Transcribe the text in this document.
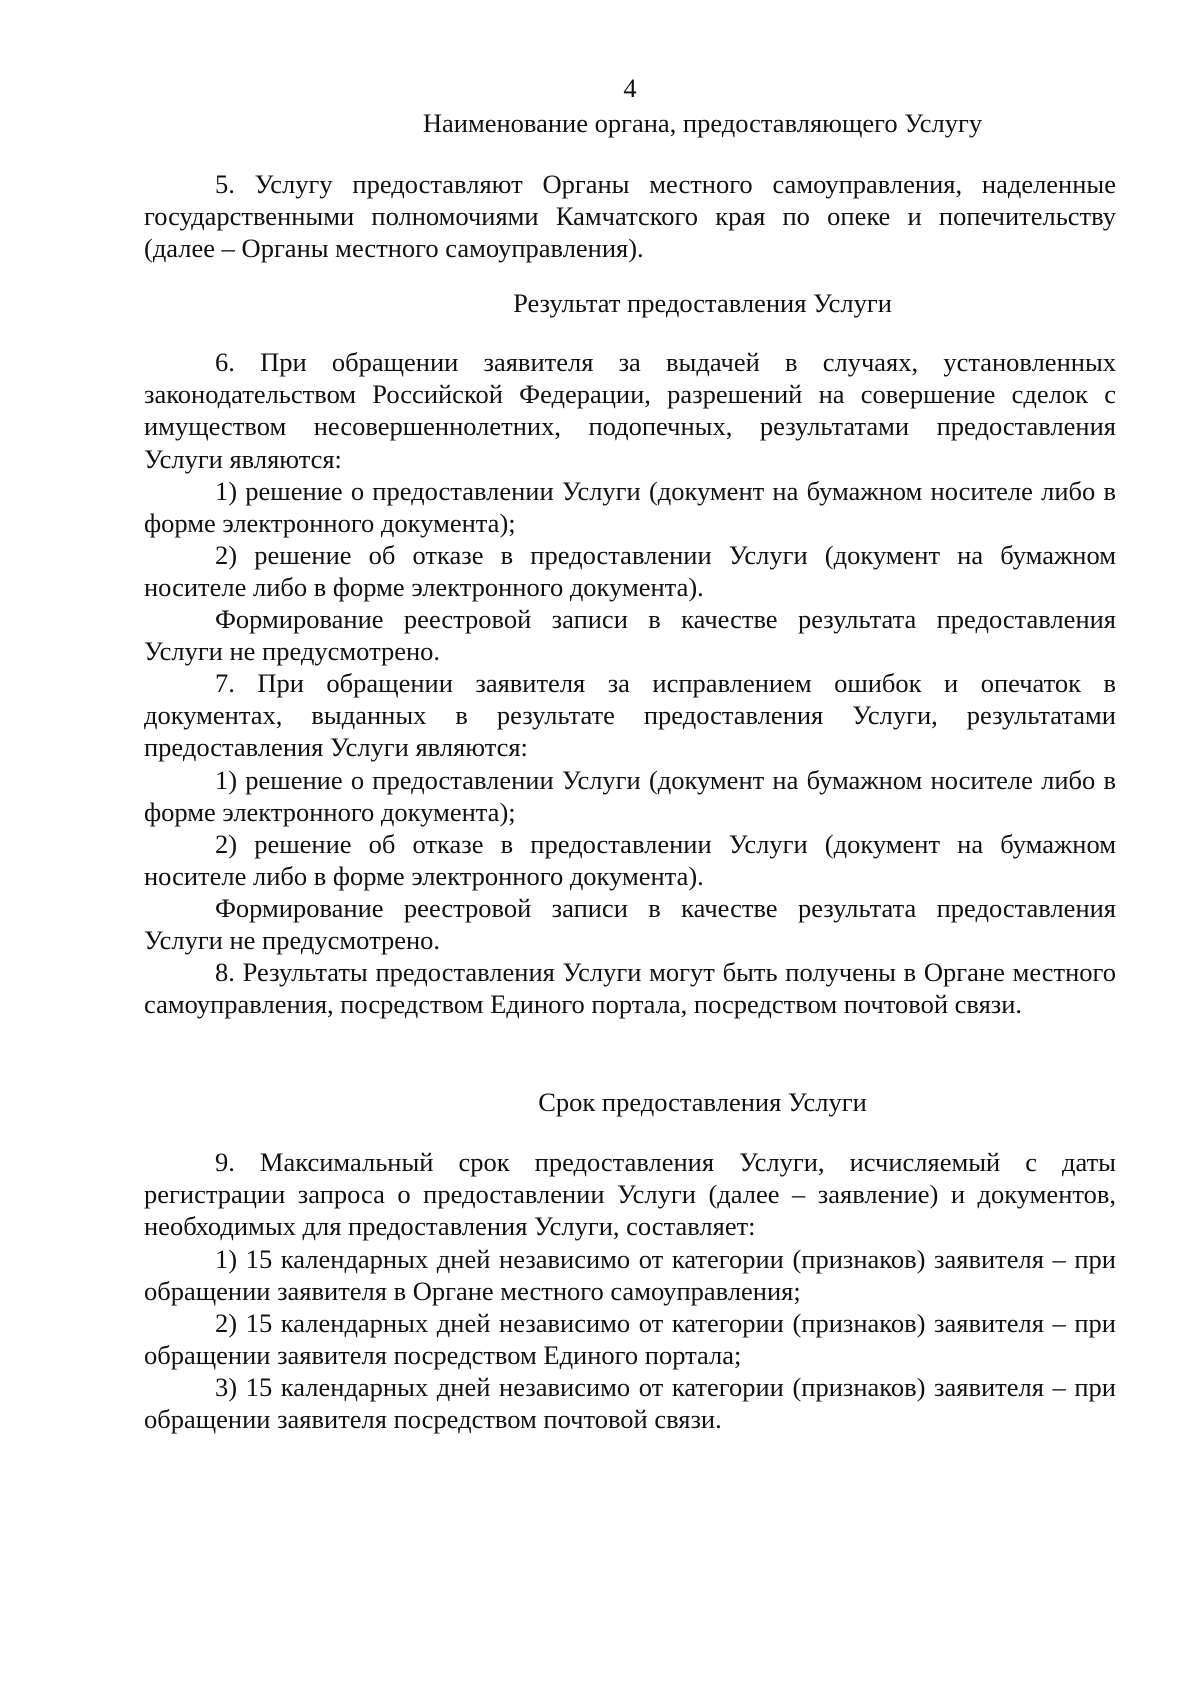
4
Наименование органа, предоставляющего Услугу
5. Услугу предоставляют Органы местного самоуправления, наделенные государственными полномочиями Камчатского края по опеке и попечительству (далее – Органы местного самоуправления).
Результат предоставления Услуги
6. При обращении заявителя за выдачей в случаях, установленных законодательством Российской Федерации, разрешений на совершение сделок с имуществом несовершеннолетних, подопечных, результатами предоставления Услуги являются:
1) решение о предоставлении Услуги (документ на бумажном носителе либо в форме электронного документа);
2) решение об отказе в предоставлении Услуги (документ на бумажном носителе либо в форме электронного документа).
Формирование реестровой записи в качестве результата предоставления Услуги не предусмотрено.
7. При обращении заявителя за исправлением ошибок и опечаток в документах, выданных в результате предоставления Услуги, результатами предоставления Услуги являются:
1) решение о предоставлении Услуги (документ на бумажном носителе либо в форме электронного документа);
2) решение об отказе в предоставлении Услуги (документ на бумажном носителе либо в форме электронного документа).
Формирование реестровой записи в качестве результата предоставления Услуги не предусмотрено.
8. Результаты предоставления Услуги могут быть получены в Органе местного самоуправления, посредством Единого портала, посредством почтовой связи.
Срок предоставления Услуги
9. Максимальный срок предоставления Услуги, исчисляемый с даты регистрации запроса о предоставлении Услуги (далее – заявление) и документов, необходимых для предоставления Услуги, составляет:
1) 15 календарных дней независимо от категории (признаков) заявителя – при обращении заявителя в Органе местного самоуправления;
2) 15 календарных дней независимо от категории (признаков) заявителя – при обращении заявителя посредством Единого портала;
3) 15 календарных дней независимо от категории (признаков) заявителя – при обращении заявителя посредством почтовой связи.
